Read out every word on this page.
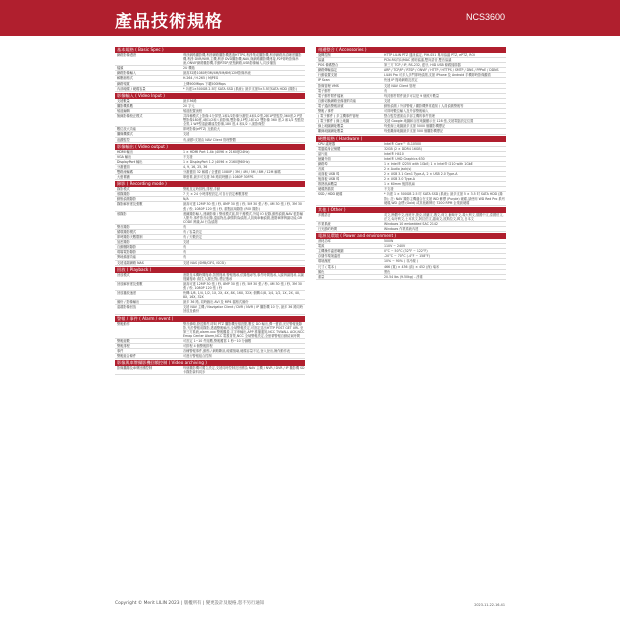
產品技術規格	NCS3600
基本規格 ( Basic Spec )
網路影像漫遊	利淨網路攝影機,利淨網路攝影機透過HTTPS,利淨集成攝影機,利淨網路高清晰度攝影機,利淨 DVR/NVR,主機,利淨 DVD攝影機,NAV,與網路攝影機連接,P2P即時影像串流,ONVIF網路攝影機,手動RTSP,壁墊網路,USB影像輸入,同步播放
檔頭	2U 機箱
網路影像輸入	最高32路1080P/3M/4M/5M/6M/12M影像串流
解壓縮格式	H.264 / H.265 / MJPEG
網路頻寬	上傳900Mbps 下載500Mbps
內部硬碟 / 硬碟容量	* 內建1×500GB 2.5吋 SATA SSD (系統); 最多支援5×3.5吋SATA HDD (錄影)
影像輸入 ( Video Input )
支援數量	最多36路
攝影機系數	20 字元
頻道編輯	頻道配置流程
無線影像校正模式	共四種模式上影像:1分屏型,1和1/2影像分割型,4和1/2型,2和1P型監控,360度,2 P型雙影像180度,4和1/2和八面影像,雙影像,1P型,1和1/2 雙影像 360 度,2 和1/2 型監控全景,1 WP型遠距離遙控影像,180 度,4 和1/2 八面影像型
數位放大功能	即時影像(ePTZ) 互動放大
攝像機樣式	支援
追蹤監控	有,細節:支援由 NAV Client 管理整體
影像輸出 ( Video output )
HDMI 輸出	1 × HDMI Port 1.4b (4096 × 2160@24Hz)
VGA 輸出	不支援
DisplayPort 輸出	1 × DisplayPort 1.2 (4096 × 2160@60Hz)
分割畫面	4, 9, 16, 25, 36
雙路流輸碼	分割畫面 32 解碼 / 全畫面 1080P / 3M / 4M / 5M / 8M / 12M 解碼
大螢幕牆	單螢幕,最多可支援 36 路同時顯示 1080P 30FPS
錄影 ( Recording mode )
錄影模式	警報及定時排程,排程,手動
預錄錄影	7 天 × 24 小時排程設定,可自行設定參數排程
動態偵測錄影	N/A
錄影解析度及張數	最高可達 12MP 30 張 / 秒, 8MP 30 張 / 秒, 5M 30 張 / 秒, 4M 30 張 / 秒, 3M 30 張 / 秒, 1080P 120 張 / 秒, 重點區域錄影 (ROI 錄影)
預錄影	連續錄影輸入,連續影像 / 警戒模式區,防干擾模式,外接 IO 紀錄,動態偵測,NAV 藍影輸入點外,事件影音紀錄,遺留物品,劇情防偽偵測,人員與車輛偵測,進階車牌辨識功能,GR CODE 辨識,AI 行為偵測
警音錄影	有
循環錄影模式	有 / 容量設定
即時錄影天數限制	有 / 天數設定
加密錄影	支援
自動刪除錄影	有
現場電影錄影	有
異地備援功能	有
支援遠端網路 NAS	支援 NAS (SMB/CIFS, iSCSI)
回放 ( Playback )
回放模式	進階及本機時間搜尋,智慧搜尋,警報搜尋,依錄搜尋等,事件時間搜尋,人臉辨識搜尋,以圖搜圖搜尋 (陌生人臉比對),標記搜尋
回放解析度及張數	最高可達 12MP 30 張 / 秒, 8MP 30 張 / 秒, 5M 30 張 / 秒, 4M 30 張 / 秒, 3M 30 張 / 秒, 1080P 120 張 / 秒
回放播放速度	快轉:1/8, 1/4, 1/2, 1X, 2X, 4X, 8X, 16X, 32X; 倒轉:1/8, 1/4, 1/2, 1X, 2X, 4X, 8X, 16X, 32X
備份 / 影像輸出	最多 36 路, 同時匯出 AVI 及 MP4 檔格式備份
遠端影像回放	支援 NAV 主機 / Navigator Client / DVR / NVR / IP 攝影機 10 分, 最多 36 路同時回放及備份
警報 / 事件 ( Alarm / event )
警報動作	警音蜂鳴,發送郵件,呼叫 PTZ 攝影機至預設點,數位 DO 輸出,彈一畫面,光於警報後錄影,光於警報前錄影,透過警報輸出,全域警報設定,可設定送出HTTP POST GET URL 至第三方系統,alarm.xxx 警報觀看,文字串輸出,APP 推播通知,NCC TVWALL ACK,NCC Emap Center Alarm,NCC 電視背景,NCC 全域警報設定,全螢幕警報自動結束時間
警報組數	可設定 1~10 件組數,警報覆寫 1 秒~10 分鐘數
警報排程	可排程 4 個警報排程
事件	各種警報事件,動態 / 網路斷訊,硬碟損壞,硬碟容量不足,登入登出,操作動作表
警報組合條件	可進行警報組合控制
影像與車牌攝影機回饋控制 ( Video archiving )
影像攝錄及車牌回饋控制	每個攝影機可獨立設定,支援同時控制及回饋為 NAV 主機 / NVR / DVR / IP 攝影機 SD 卡錄影資料同步
週邊整合 ( Accessories )
旋轉控制	HTTP LILIN PTZ 通訊協定, PIH-S51 專用協議 PTZ, ePTZ, ROI
協議	PCN-RS/TJ1/MAC 照明協議,雙向語音,雙音協議
POS 條碼整合	第三方 TCP / IP, RS-232, 藍牙, HID USB 條碼掃描器
網路傳輸協定	ARP / TCP/IP / RTSP / ONVIF / HTTP / HTTPS / SMTP / DNS / PPPoE / DDNS
行動裝置支援	LILIN Pro 可多人多門即時偵測,支援 iPhone 及 Android 手機即時影像觀看
IP Scan	快速 IP 搜尋網路及設定
影像管理 VMS	支援 NAV Client 管理
電子郵件	有
電子郵件附件檔案	每封郵件附件最多可以是 9 個照片數量
自動切換網路至備援的功能	支援
電子通訊警報訊號	動態偵測 / 外部警報 / 攝影機異常通知 / 人員偵測警報等
警報 / 事件	可即時數位輸入及外部警報輸入
( 電子郵件 ) 多主機事件管理	整合監控畫面由多部主機的事件管理
( 電子郵件 ) 線上地圖	支援 Google 地圖和百度地圖顯示至 128 張,支援電腦設定位置
線上地圖網址數量	每張線上地圖最多支援 5000 個攝影機標記
離線地圖網址數量	每張離線地圖最多支援 500 個攝影機標記
硬體規格 ( Hardware )
CPU 處理器	Intel® Core™ i5-10500
電腦隨身記憶體	32GB (2 × DDR4 16GB)
晶片組	Intel® H410
繪圖介面	Intel® UHD Graphics 630
網路埠	1 × Intel® i225V with 1GbE; 1 × Intel® i210 with 1GbE
音源	2 × Audio jack(s)
前面板 USB 埠	2 × USB 3.1 Gen1 Type-A, 2 × USB 2.0 Type-A
後面板 USB 埠	2 × USB 3.0 Type-A
散熱風扇數量	1 × 60mm 後排風扇
硬碟熱插拔	不支援
SSD / HDD 硬碟	* 內建 1 × 500GB 2.5 吋 SATA SSD (系統); 最多支援 5 × 3.5 吋 SATA HDD (錄影); 註: NAV 錄影主機適合在支援 WD 紫標 (Purple) 硬碟,請使用 WD Red Pro 系列硬碟,WD 金標 (Gold) 或其他廠牌於 7200 RPM 企業級硬碟
其他 ( Other )
多國語言	英文,簡體中文,西班牙,捷克,波蘭文,俄文,荷文,葡萄牙文,義大利文,德國中文,泰國伯文,法文,匈牙利文,土耳其文,阿拉伯文,越南文,波斯拉文,韓文,日本文
作業系統	Windows 10 embedded SAC 2142
日光節約時間	Windows 作業系統內建
電源及環境 ( Power and environment )
消耗功率	500W
電源	110V ~ 240V
主機操作溫度範圍	0°C ~ 50°C (32°F ~ 122°F)
存儲作環境溫度	-20°C ~ 70°C (-4°F ~ 158°F)
環境濕度	10% ~ 90% ( 非冷凝 )
尺寸 ( 電本 )	466 (寬) × 436 (高) × 452 (深) 毫米
顏色	黑色
重量	20.54 lbs (9.50kg) - 淨重
Copyright © Merit LILIN 2023 | 版權所有 | 變更設計及規格,恕不另行通知	2023-11-22-16-41
